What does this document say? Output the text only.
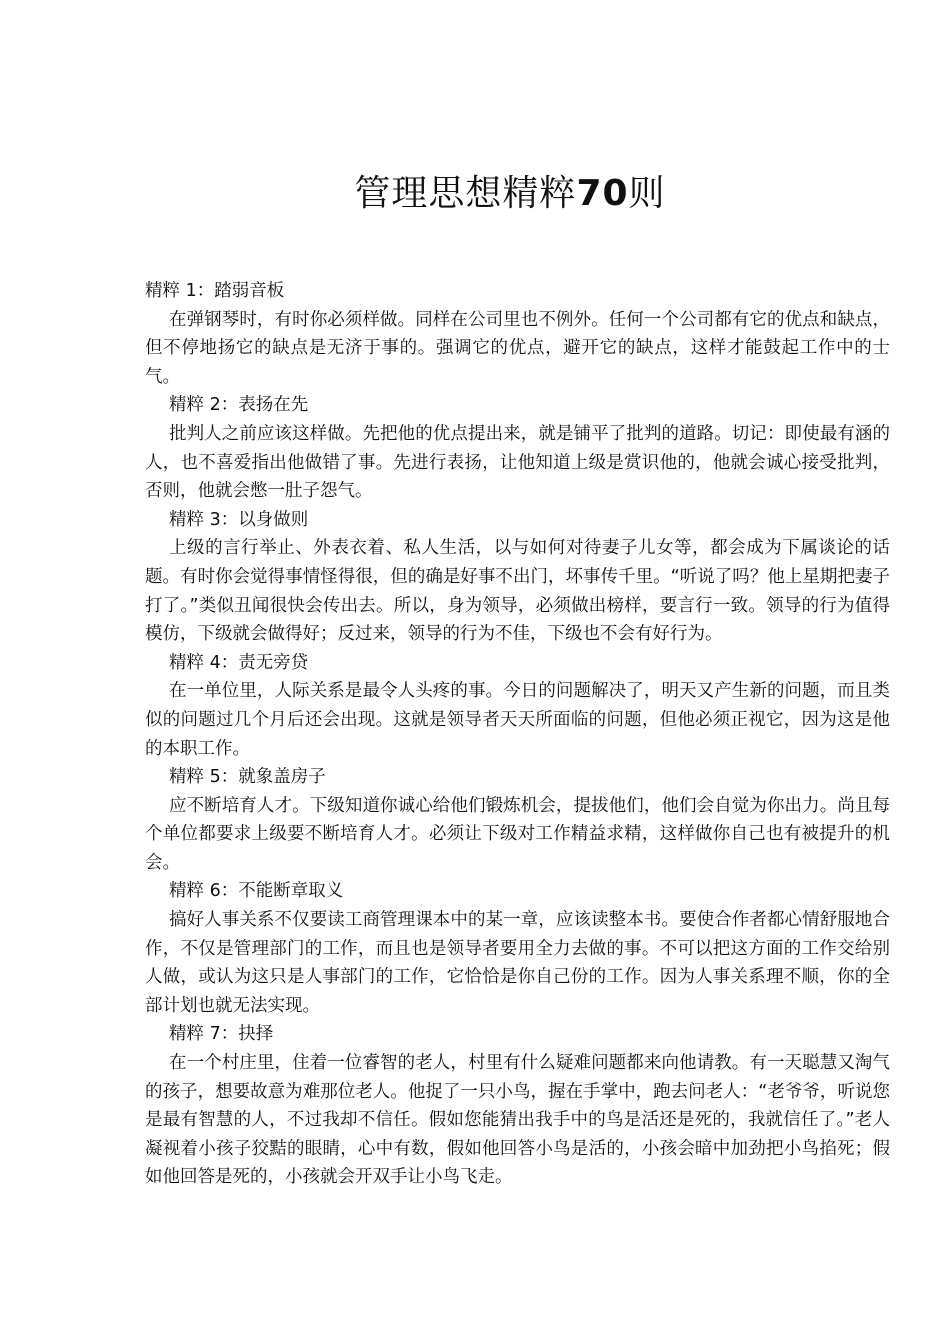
管理思想精粹70则

精粹 1：踏弱音板

在弹钢琴时，有时你必须样做。同样在公司里也不例外。任何一个公司都有它的优点和缺点，但不停地扬它的缺点是无济于事的。强调它的优点，避开它的缺点，这样才能鼓起工作中的士气。

精粹 2：表扬在先

批判人之前应该这样做。先把他的优点提出来，就是铺平了批判的道路。切记：即使最有涵的人，也不喜爱指出他做错了事。先进行表扬，让他知道上级是赏识他的，他就会诚心接受批判，否则，他就会憋一肚子怨气。

精粹 3：以身做则

上级的言行举止、外表衣着、私人生活，以与如何对待妻子儿女等，都会成为下属谈论的话题。有时你会觉得事情怪得很，但的确是好事不出门，坏事传千里。“听说了吗？他上星期把妻子打了。”类似丑闻很快会传出去。所以，身为领导，必须做出榜样，要言行一致。领导的行为值得模仿，下级就会做得好；反过来，领导的行为不佳，下级也不会有好行为。

精粹 4：责无旁贷

在一单位里，人际关系是最令人头疼的事。今日的问题解决了，明天又产生新的问题，而且类似的问题过几个月后还会出现。这就是领导者天天所面临的问题，但他必须正视它，因为这是他的本职工作。

精粹 5：就象盖房子

应不断培育人才。下级知道你诚心给他们锻炼机会，提拔他们，他们会自觉为你出力。尚且每个单位都要求上级要不断培育人才。必须让下级对工作精益求精，这样做你自己也有被提升的机会。

精粹 6：不能断章取义

搞好人事关系不仅要读工商管理课本中的某一章，应该读整本书。要使合作者都心情舒服地合作，不仅是管理部门的工作，而且也是领导者要用全力去做的事。不可以把这方面的工作交给别人做，或认为这只是人事部门的工作，它恰恰是你自己份的工作。因为人事关系理不顺，你的全部计划也就无法实现。

精粹 7：抉择

在一个村庄里，住着一位睿智的老人，村里有什么疑难问题都来向他请教。有一天聪慧又淘气的孩子，想要故意为难那位老人。他捉了一只小鸟，握在手掌中，跑去问老人：“老爷爷，听说您是最有智慧的人，不过我却不信任。假如您能猜出我手中的鸟是活还是死的，我就信任了。”老人凝视着小孩子狡黠的眼睛，心中有数，假如他回答小鸟是活的，小孩会暗中加劲把小鸟掐死；假如他回答是死的，小孩就会开双手让小鸟飞走。
